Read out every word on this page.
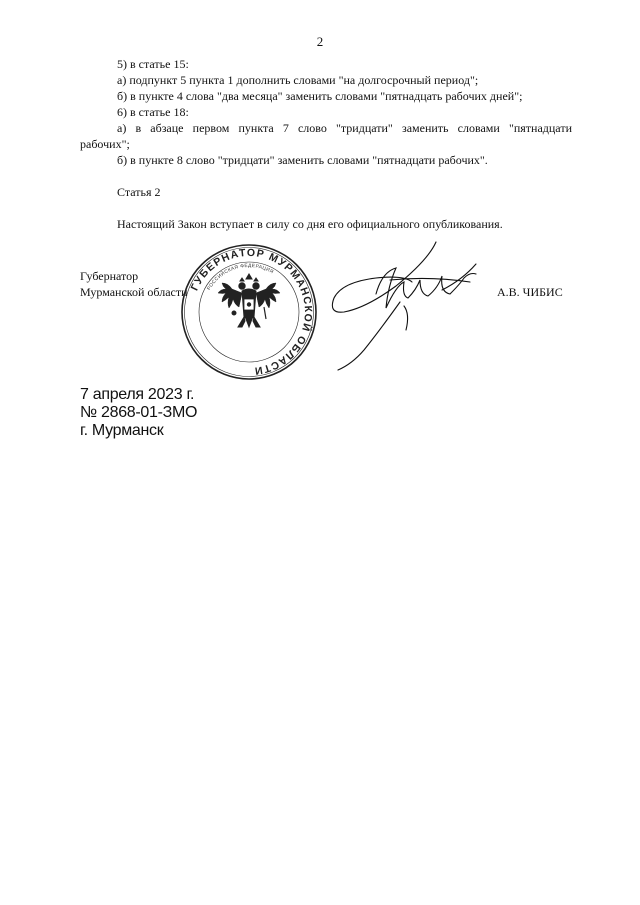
2
5) в статье 15:
а) подпункт 5 пункта 1 дополнить словами "на долгосрочный период";
б) в пункте 4 слова "два месяца" заменить словами "пятнадцать рабочих дней";
6) в статье 18:
а) в абзаце первом пункта 7 слово "тридцати" заменить словами "пятнадцати
рабочих";
б) в пункте 8 слово "тридцати" заменить словами "пятнадцати рабочих".
Статья 2
Настоящий Закон вступает в силу со дня его официального опубликования.
Губернатор
Мурманской области ГУБЕРНАТОР МУРМАНСКОЙ ОБЛАСТИ
РОССИЙСКАЯ ФЕДЕРАЦИЯ
А.В. ЧИБИС
7 апреля 2023 г.
№ 2868-01-ЗМО
г. Мурманск
